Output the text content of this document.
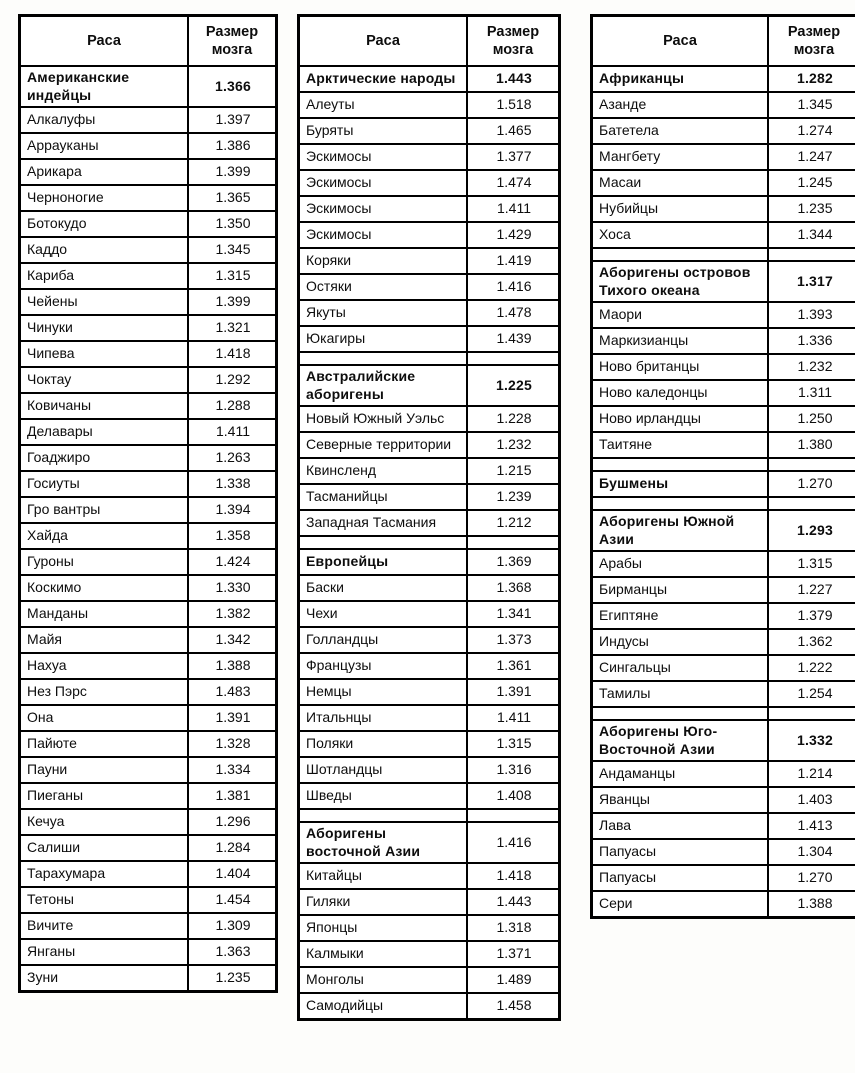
Раса	Размер мозга
Американские индейцы	1.366
Алкалуфы	1.397
Аррауканы	1.386
Арикара	1.399
Черноногие	1.365
Ботокудо	1.350
Каддо	1.345
Кариба	1.315
Чейены	1.399
Чинуки	1.321
Чипева	1.418
Чоктау	1.292
Ковичаны	1.288
Делавары	1.411
Гоаджиро	1.263
Госиуты	1.338
Гро вантры	1.394
Хайда	1.358
Гуроны	1.424
Коскимо	1.330
Манданы	1.382
Майя	1.342
Нахуа	1.388
Нез Пэрс	1.483
Она	1.391
Пайюте	1.328
Пауни	1.334
Пиеганы	1.381
Кечуа	1.296
Салиши	1.284
Тарахумара	1.404
Тетоны	1.454
Вичите	1.309
Янганы	1.363
Зуни	1.235
Раса	Размер мозга
Арктические народы	1.443
Алеуты	1.518
Буряты	1.465
Эскимосы	1.377
Эскимосы	1.474
Эскимосы	1.411
Эскимосы	1.429
Коряки	1.419
Остяки	1.416
Якуты	1.478
Юкагиры	1.439

Австралийские аборигены	1.225
Новый Южный Уэльс	1.228
Северные территории	1.232
Квинсленд	1.215
Тасманийцы	1.239
Западная Тасмания	1.212

Европейцы	1.369
Баски	1.368
Чехи	1.341
Голландцы	1.373
Французы	1.361
Немцы	1.391
Итальнцы	1.411
Поляки	1.315
Шотландцы	1.316
Шведы	1.408

Аборигены восточной Азии	1.416
Китайцы	1.418
Гиляки	1.443
Японцы	1.318
Калмыки	1.371
Монголы	1.489
Самодийцы	1.458
Раса	Размер мозга
Африканцы	1.282
Азанде	1.345
Батетела	1.274
Мангбету	1.247
Масаи	1.245
Нубийцы	1.235
Хоса	1.344

Аборигены островов Тихого океана	1.317
Маори	1.393
Маркизианцы	1.336
Ново британцы	1.232
Ново каледонцы	1.311
Ново ирландцы	1.250
Таитяне	1.380

Бушмены	1.270

Аборигены Южной Азии	1.293
Арабы	1.315
Бирманцы	1.227
Египтяне	1.379
Индусы	1.362
Сингальцы	1.222
Тамилы	1.254

Аборигены Юго-Восточной Азии	1.332
Андаманцы	1.214
Яванцы	1.403
Лава	1.413
Папуасы	1.304
Папуасы	1.270
Сери	1.388
